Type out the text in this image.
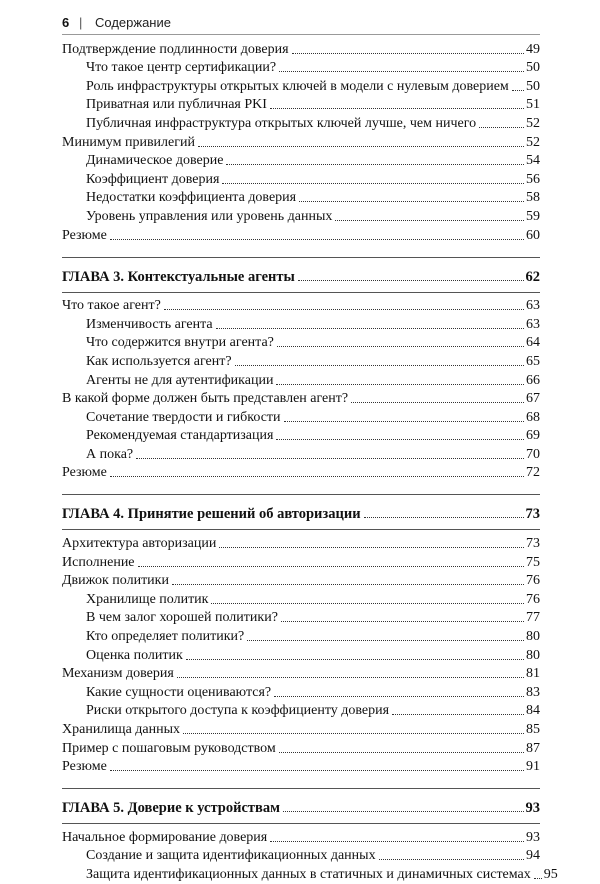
6 | Содержание
Подтверждение подлинности доверия	49
Что такое центр сертификации?	50
Роль инфраструктуры открытых ключей в модели с нулевым доверием 50
Приватная или публичная PKI	51
Публичная инфраструктура открытых ключей лучше, чем ничего	52
Минимум привилегий	52
Динамическое доверие	54
Коэффициент доверия	56
Недостатки коэффициента доверия	58
Уровень управления или уровень данных	59
Резюме	60
ГЛАВА 3. Контекстуальные агенты	62
Что такое агент?	63
Изменчивость агента	63
Что содержится внутри агента?	64
Как используется агент?	65
Агенты не для аутентификации	66
В какой форме должен быть представлен агент?	67
Сочетание твердости и гибкости	68
Рекомендуемая стандартизация	69
А пока?	70
Резюме	72
ГЛАВА 4. Принятие решений об авторизации	73
Архитектура авторизации	73
Исполнение	75
Движок политики	76
Хранилище политик	76
В чем залог хорошей политики?	77
Кто определяет политики?	80
Оценка политик	80
Механизм доверия	81
Какие сущности оцениваются?	83
Риски открытого доступа к коэффициенту доверия	84
Хранилища данных	85
Пример с пошаговым руководством	87
Резюме	91
ГЛАВА 5. Доверие к устройствам	93
Начальное формирование доверия	93
Создание и защита идентификационных данных	94
Защита идентификационных данных в статичных и динамичных системах 95
